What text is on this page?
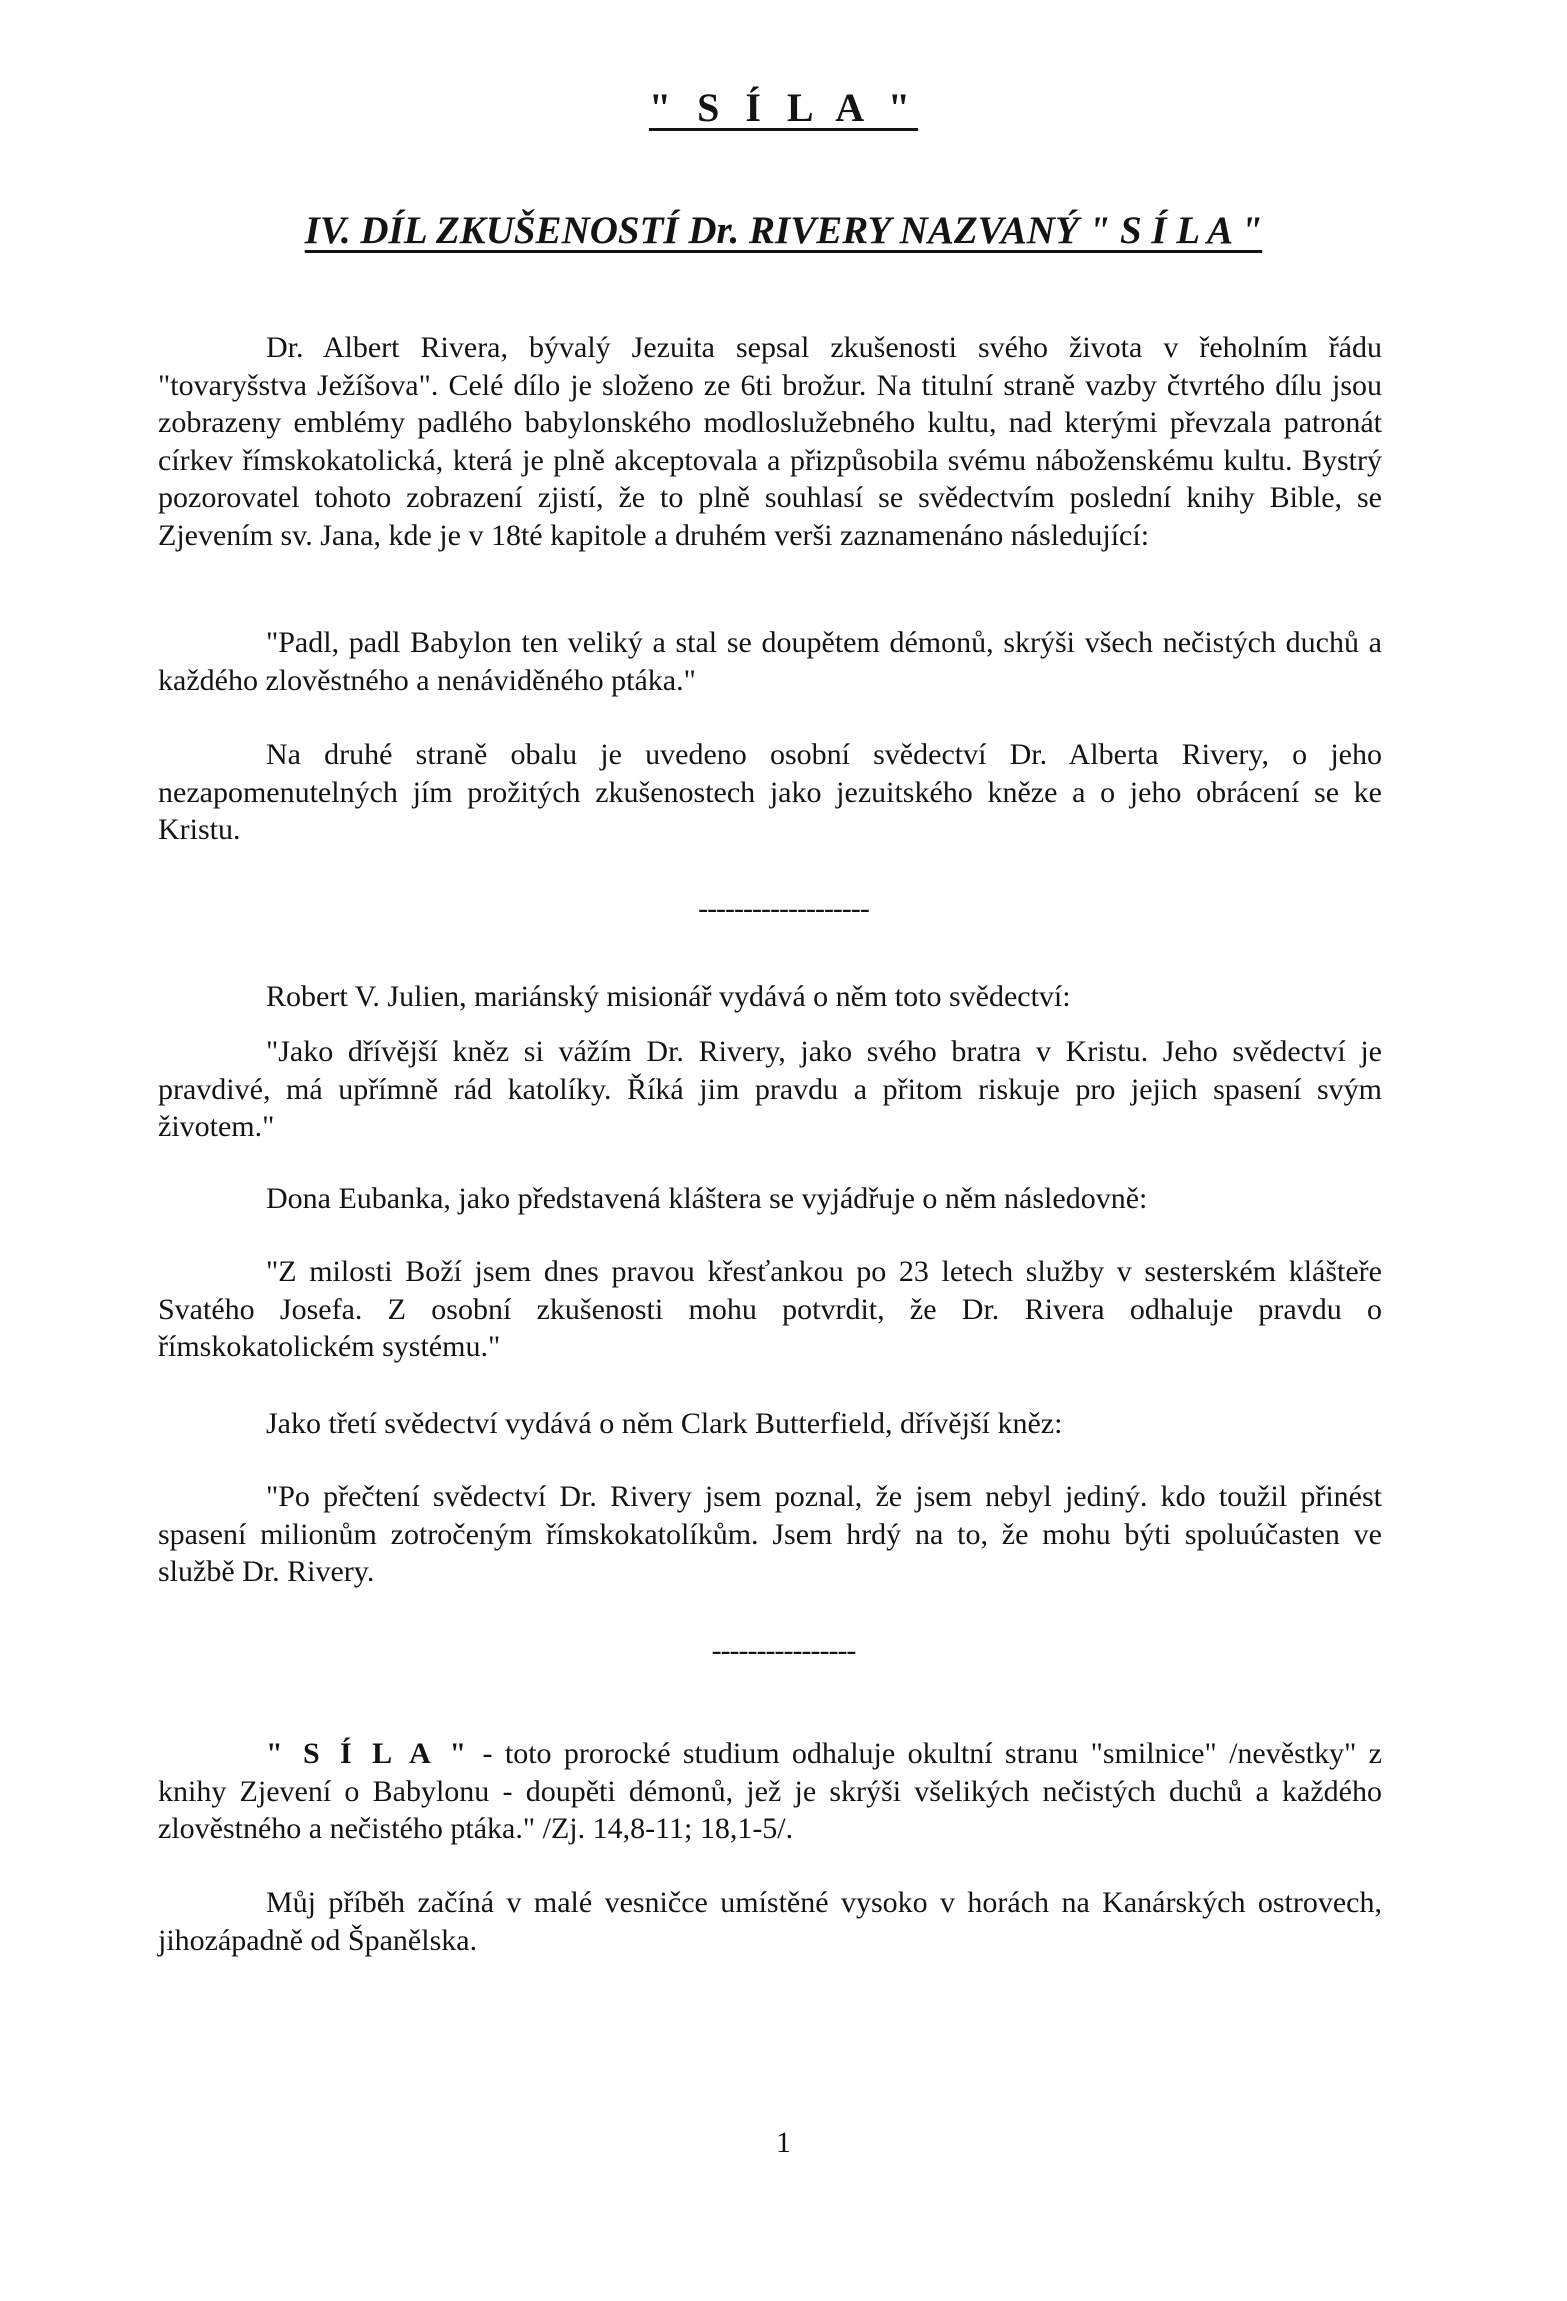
" S Í L A "
IV. DÍL ZKUŠENOSTÍ Dr. RIVERY NAZVANÝ " S Í L A "

Dr. Albert Rivera, bývalý Jezuita sepsal zkušenosti svého života v řeholním řádu "tovaryšstva Ježíšova". Celé dílo je složeno ze 6ti brožur. Na titulní straně vazby čtvrtého dílu jsou zobrazeny emblémy padlého babylonského modloslužebného kultu, nad kterými převzala patronát církev římskokatolická, která je plně akceptovala a přizpůsobila svému náboženskému kultu. Bystrý pozorovatel tohoto zobrazení zjistí, že to plně souhlasí se svědectvím poslední knihy Bible, se Zjevením sv. Jana, kde je v 18té kapitole a druhém verši zaznamenáno následující:

"Padl, padl Babylon ten veliký a stal se doupětem démonů, skrýši všech nečistých duchů a každého zlověstného a nenáviděného ptáka."

Na druhé straně obalu je uvedeno osobní svědectví Dr. Alberta Rivery, o jeho nezapomenutelných jím prožitých zkušenostech jako jezuitského kněze a o jeho obrácení se ke Kristu.

-------------------

Robert V. Julien, mariánský misionář vydává o něm toto svědectví:

"Jako dřívější kněz si vážím Dr. Rivery, jako svého bratra v Kristu. Jeho svědectví je pravdivé, má upřímně rád katolíky. Říká jim pravdu a přitom riskuje pro jejich spasení svým životem."

Dona Eubanka, jako představená kláštera se vyjádřuje o něm následovně:

"Z milosti Boží jsem dnes pravou křesťankou po 23 letech služby v sesterském klášteře Svatého Josefa. Z osobní zkušenosti mohu potvrdit, že Dr. Rivera odhaluje pravdu o římskokatolickém systému."

Jako třetí svědectví vydává o něm Clark Butterfield, dřívější kněz:

"Po přečtení svědectví Dr. Rivery jsem poznal, že jsem nebyl jediný. kdo toužil přinést spasení milionům zotročeným římskokatolíkům. Jsem hrdý na to, že mohu býti spoluúčasten ve službě Dr. Rivery.

----------------

" S Í L A " - toto prorocké studium odhaluje okultní stranu "smilnice" /nevěstky" z knihy Zjevení o Babylonu - doupěti démonů, jež je skrýši všelikých nečistých duchů a každého zlověstného a nečistého ptáka." /Zj. 14,8-11; 18,1-5/.

Můj příběh začíná v malé vesničce umístěné vysoko v horách na Kanárských ostrovech, jihozápadně od Španělska.

1
